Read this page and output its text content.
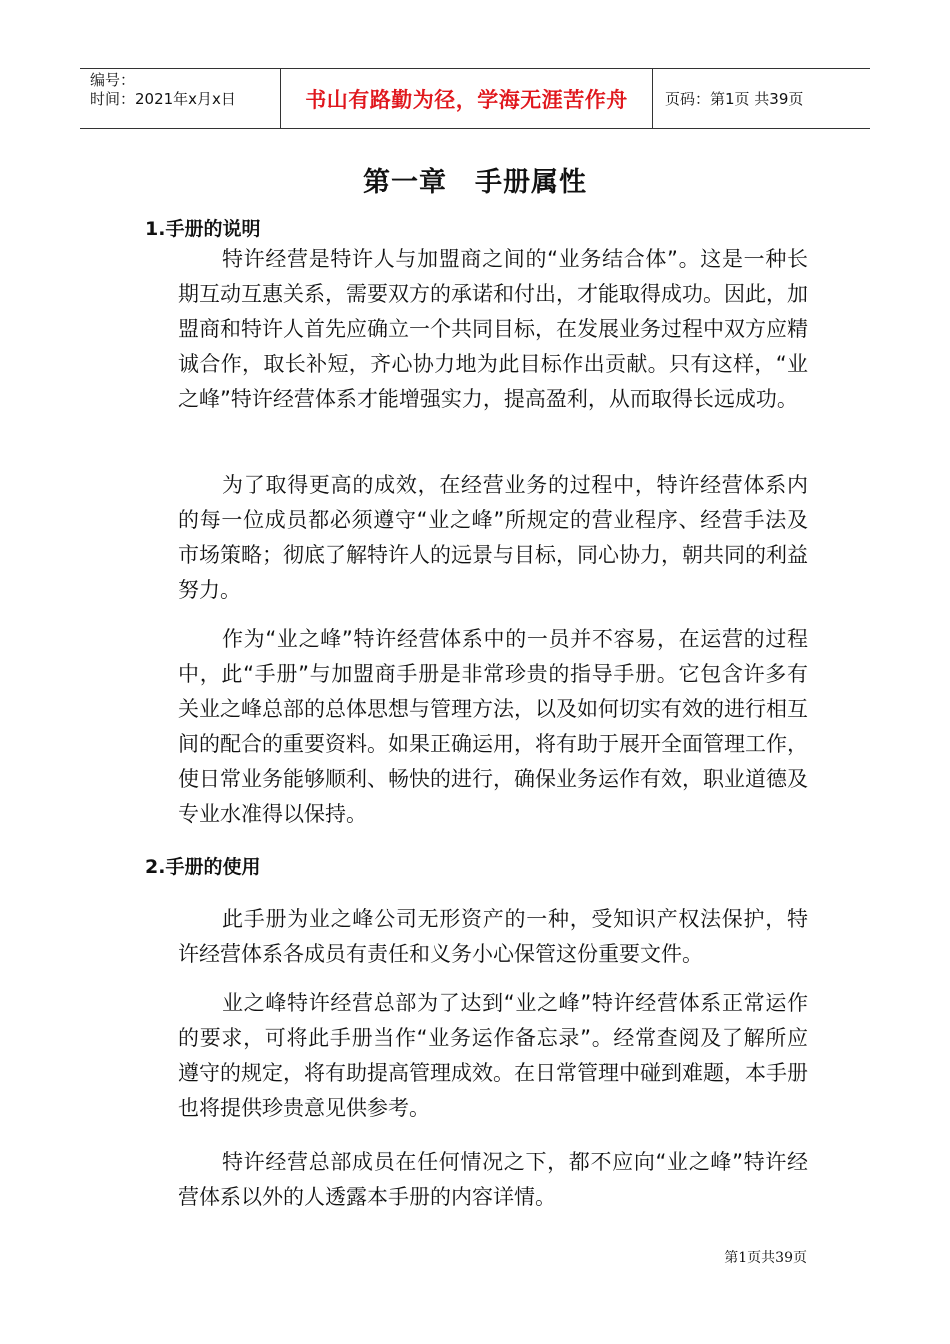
编号：
时间：2021年x月x日	书山有路勤为径，学海无涯苦作舟 页码：第1页 共39页
第一章　手册属性
1.手册的说明

特许经营是特许人与加盟商之间的“业务结合体”。这是一种长期互动互惠关系，需要双方的承诺和付出，才能取得成功。因此，加盟商和特许人首先应确立一个共同目标，在发展业务过程中双方应精诚合作，取长补短，齐心协力地为此目标作出贡献。只有这样，“业之峰”特许经营体系才能增强实力，提高盈利，从而取得长远成功。

为了取得更高的成效，在经营业务的过程中，特许经营体系内的每一位成员都必须遵守“业之峰”所规定的营业程序、经营手法及市场策略；彻底了解特许人的远景与目标，同心协力，朝共同的利益努力。

作为“业之峰”特许经营体系中的一员并不容易，在运营的过程中，此“手册”与加盟商手册是非常珍贵的指导手册。它包含许多有关业之峰总部的总体思想与管理方法，以及如何切实有效的进行相互间的配合的重要资料。如果正确运用，将有助于展开全面管理工作，使日常业务能够顺利、畅快的进行，确保业务运作有效，职业道德及专业水准得以保持。

2.手册的使用

此手册为业之峰公司无形资产的一种，受知识产权法保护，特许经营体系各成员有责任和义务小心保管这份重要文件。

业之峰特许经营总部为了达到“业之峰”特许经营体系正常运作的要求，可将此手册当作“业务运作备忘录”。经常查阅及了解所应遵守的规定，将有助提高管理成效。在日常管理中碰到难题，本手册也将提供珍贵意见供参考。

特许经营总部成员在任何情况之下，都不应向“业之峰”特许经营体系以外的人透露本手册的内容详情。

第1页共39页
